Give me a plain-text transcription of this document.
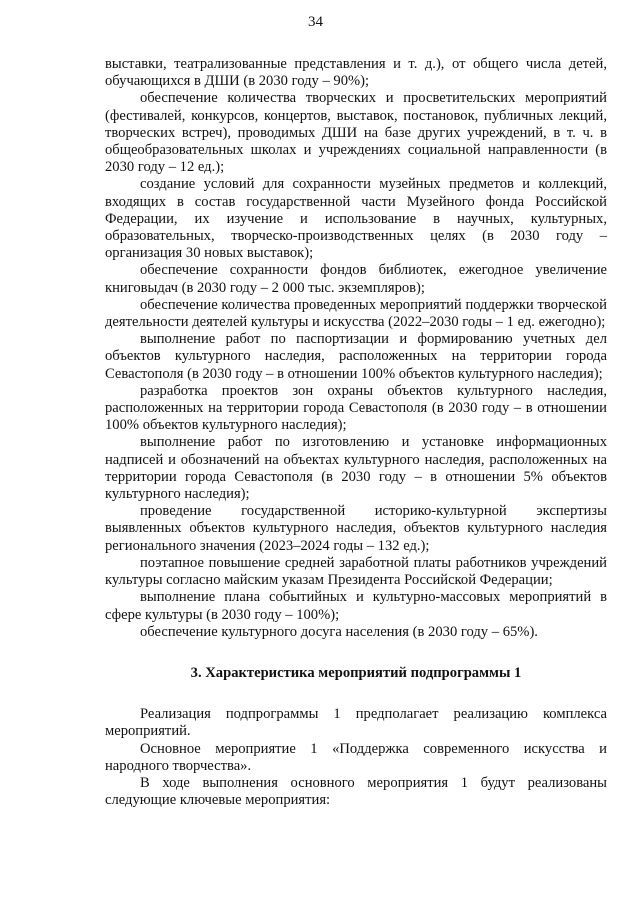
34

выставки, театрализованные представления и т. д.), от общего числа детей, обучающихся в ДШИ (в 2030 году – 90%);

обеспечение количества творческих и просветительских мероприятий (фестивалей, конкурсов, концертов, выставок, постановок, публичных лекций, творческих встреч), проводимых ДШИ на базе других учреждений, в т. ч. в общеобразовательных школах и учреждениях социальной направленности (в 2030 году – 12 ед.);

создание условий для сохранности музейных предметов и коллекций, входящих в состав государственной части Музейного фонда Российской Федерации, их изучение и использование в научных, культурных, образовательных, творческо-производственных целях (в 2030 году – организация 30 новых выставок);

обеспечение сохранности фондов библиотек, ежегодное увеличение книговыдач (в 2030 году – 2 000 тыс. экземпляров);

обеспечение количества проведенных мероприятий поддержки творческой деятельности деятелей культуры и искусства (2022–2030 годы – 1 ед. ежегодно);

выполнение работ по паспортизации и формированию учетных дел объектов культурного наследия, расположенных на территории города Севастополя (в 2030 году – в отношении 100% объектов культурного наследия);

разработка проектов зон охраны объектов культурного наследия, расположенных на территории города Севастополя (в 2030 году – в отношении 100% объектов культурного наследия);

выполнение работ по изготовлению и установке информационных надписей и обозначений на объектах культурного наследия, расположенных на территории города Севастополя (в 2030 году – в отношении 5% объектов культурного наследия);

проведение государственной историко-культурной экспертизы выявленных объектов культурного наследия, объектов культурного наследия регионального значения (2023–2024 годы – 132 ед.);

поэтапное повышение средней заработной платы работников учреждений культуры согласно майским указам Президента Российской Федерации;

выполнение плана событийных и культурно-массовых мероприятий в сфере культуры (в 2030 году – 100%);

обеспечение культурного досуга населения (в 2030 году – 65%).

3. Характеристика мероприятий подпрограммы 1

Реализация подпрограммы 1 предполагает реализацию комплекса мероприятий.

Основное мероприятие 1 «Поддержка современного искусства и народного творчества».

В ходе выполнения основного мероприятия 1 будут реализованы следующие ключевые мероприятия:
